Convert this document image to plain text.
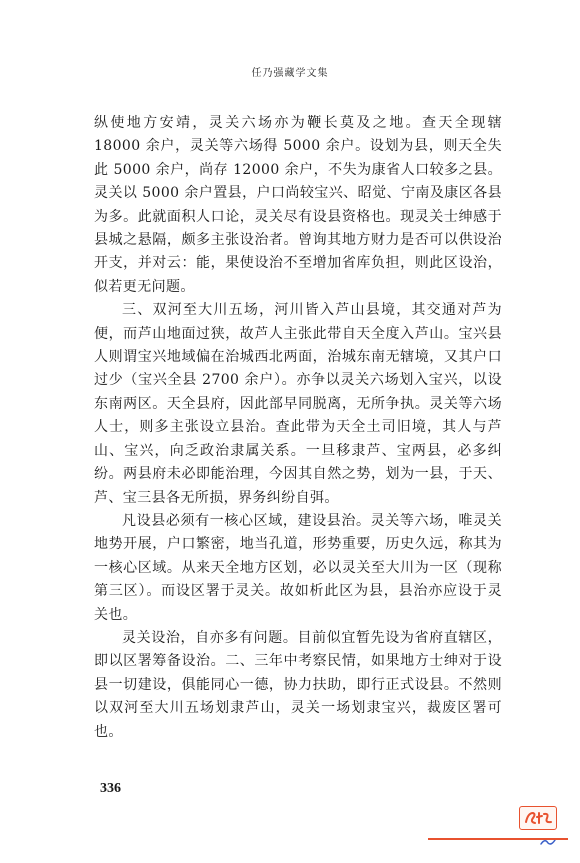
任乃强藏学文集

纵使地方安靖，灵关六场亦为鞭长莫及之地。查天全现辖 18000 余户，灵关等六场得 5000 余户。设划为县，则天全失此 5000 余户，尚存 12000 余户，不失为康省人口较多之县。灵关以 5000 余户置县，户口尚较宝兴、昭觉、宁南及康区各县为多。此就面积人口论，灵关尽有设县资格也。现灵关士绅感于县城之悬隔，颇多主张设治者。曾询其地方财力是否可以供设治开支，并对云：能，果使设治不至增加省库负担，则此区设治，似若更无问题。

三、双河至大川五场，河川皆入芦山县境，其交通对芦为便，而芦山地面过狭，故芦人主张此带自天全度入芦山。宝兴县人则谓宝兴地域偏在治城西北两面，治城东南无辖境，又其户口过少（宝兴全县 2700 余户）。亦争以灵关六场划入宝兴，以设东南两区。天全县府，因此部早同脱离，无所争执。灵关等六场人士，则多主张设立县治。查此带为天全土司旧境，其人与芦山、宝兴，向乏政治隶属关系。一旦移隶芦、宝两县，必多纠纷。两县府未必即能治理，今因其自然之势，划为一县，于天、芦、宝三县各无所损，界务纠纷自弭。

凡设县必须有一核心区域，建设县治。灵关等六场，唯灵关地势开展，户口繁密，地当孔道，形势重要，历史久远，称其为一核心区域。从来天全地方区划，必以灵关至大川为一区（现称第三区）。而设区署于灵关。故如析此区为县，县治亦应设于灵关也。

灵关设治，自亦多有问题。目前似宜暂先设为省府直辖区，即以区署筹备设治。二、三年中考察民情，如果地方士绅对于设县一切建设，俱能同心一德，协力扶助，即行正式设县。不然则以双河至大川五场划隶芦山，灵关一场划隶宝兴，裁废区署可也。

336
